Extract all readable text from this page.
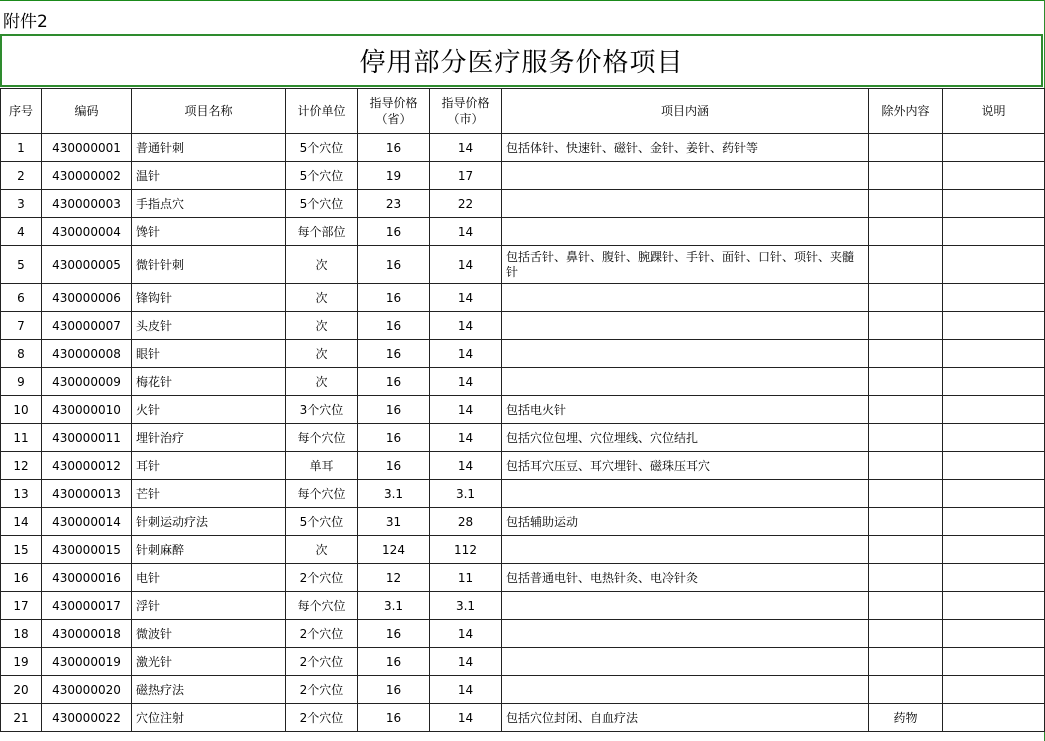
附件2
停用部分医疗服务价格项目
序号	编码	项目名称	计价单位	指导价格（省）	指导价格（市）	项目内涵	除外内容	说明
1	430000001	普通针刺	5个穴位	16	14	包括体针、快速针、磁针、金针、姜针、药针等		
2	430000002	温针	5个穴位	19	17			
3	430000003	手指点穴	5个穴位	23	22			
4	430000004	馋针	每个部位	16	14			
5	430000005	微针针刺	次	16	14	包括舌针、鼻针、腹针、腕踝针、手针、面针、口针、项针、夹髓针		
6	430000006	锋钩针	次	16	14			
7	430000007	头皮针	次	16	14			
8	430000008	眼针	次	16	14			
9	430000009	梅花针	次	16	14			
10	430000010	火针	3个穴位	16	14	包括电火针		
11	430000011	埋针治疗	每个穴位	16	14	包括穴位包埋、穴位埋线、穴位结扎		
12	430000012	耳针	单耳	16	14	包括耳穴压豆、耳穴埋针、磁珠压耳穴		
13	430000013	芒针	每个穴位	3.1	3.1			
14	430000014	针刺运动疗法	5个穴位	31	28	包括辅助运动		
15	430000015	针刺麻醉	次	124	112			
16	430000016	电针	2个穴位	12	11	包括普通电针、电热针灸、电冷针灸		
17	430000017	浮针	每个穴位	3.1	3.1			
18	430000018	微波针	2个穴位	16	14			
19	430000019	激光针	2个穴位	16	14			
20	430000020	磁热疗法	2个穴位	16	14			
21	430000022	穴位注射	2个穴位	16	14	包括穴位封闭、自血疗法	药物	
